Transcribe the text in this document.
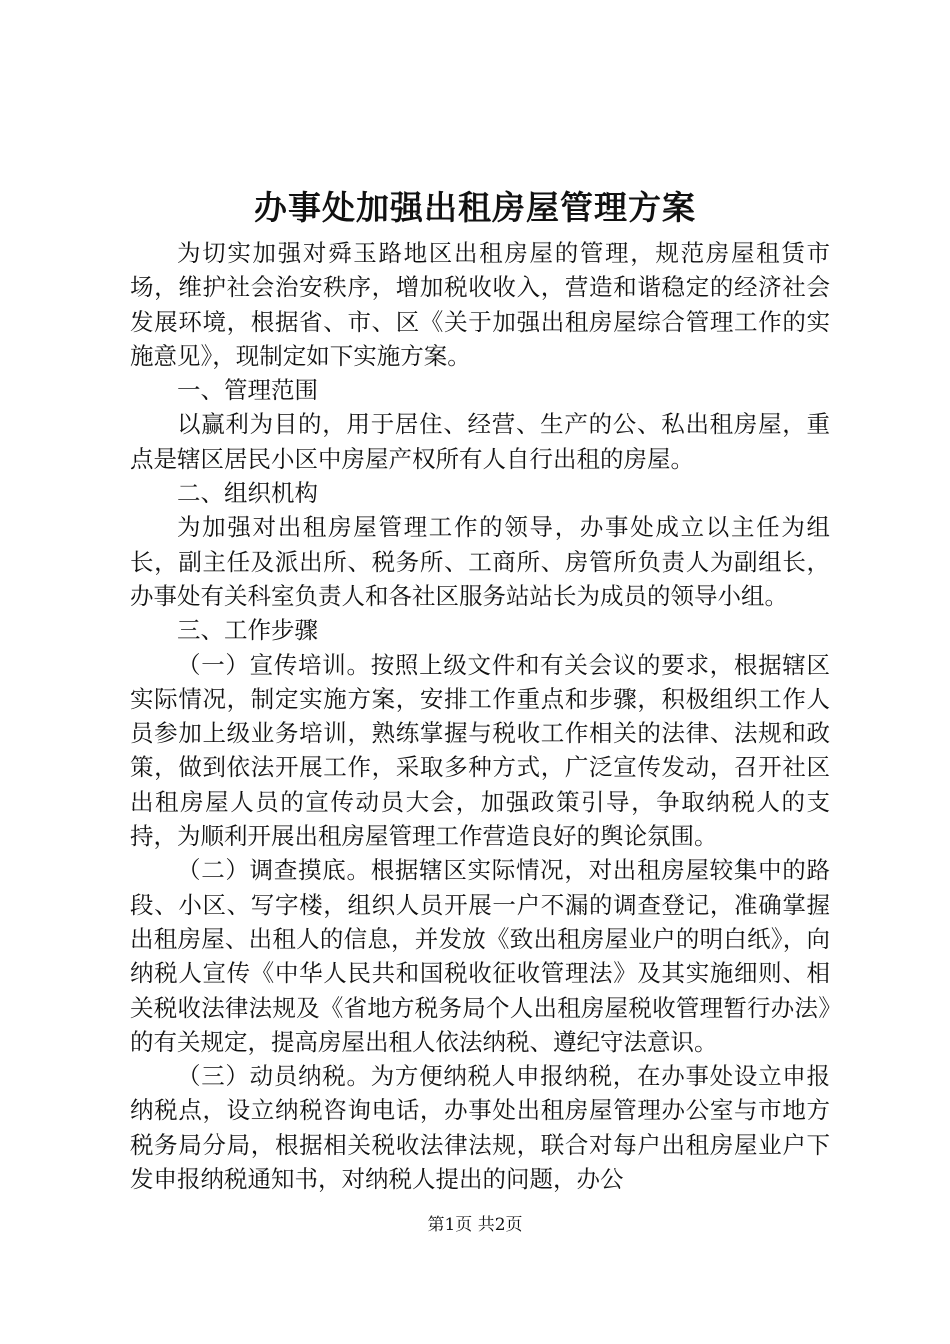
办事处加强出租房屋管理方案

为切实加强对舜玉路地区出租房屋的管理，规范房屋租赁市场，维护社会治安秩序，增加税收收入，营造和谐稳定的经济社会发展环境，根据省、市、区《关于加强出租房屋综合管理工作的实施意见》，现制定如下实施方案。

一、管理范围

以赢利为目的，用于居住、经营、生产的公、私出租房屋，重点是辖区居民小区中房屋产权所有人自行出租的房屋。

二、组织机构

为加强对出租房屋管理工作的领导，办事处成立以主任为组长，副主任及派出所、税务所、工商所、房管所负责人为副组长，办事处有关科室负责人和各社区服务站站长为成员的领导小组。

三、工作步骤

（一）宣传培训。按照上级文件和有关会议的要求，根据辖区实际情况，制定实施方案，安排工作重点和步骤，积极组织工作人员参加上级业务培训，熟练掌握与税收工作相关的法律、法规和政策，做到依法开展工作，采取多种方式，广泛宣传发动，召开社区出租房屋人员的宣传动员大会，加强政策引导，争取纳税人的支持，为顺利开展出租房屋管理工作营造良好的舆论氛围。

（二）调查摸底。根据辖区实际情况，对出租房屋较集中的路段、小区、写字楼，组织人员开展一户不漏的调查登记，准确掌握出租房屋、出租人的信息，并发放《致出租房屋业户的明白纸》，向纳税人宣传《中华人民共和国税收征收管理法》及其实施细则、相关税收法律法规及《省地方税务局个人出租房屋税收管理暂行办法》的有关规定，提高房屋出租人依法纳税、遵纪守法意识。

（三）动员纳税。为方便纳税人申报纳税，在办事处设立申报纳税点，设立纳税咨询电话，办事处出租房屋管理办公室与市地方税务局分局，根据相关税收法律法规，联合对每户出租房屋业户下发申报纳税通知书，对纳税人提出的问题，办公

第1页 共2页
